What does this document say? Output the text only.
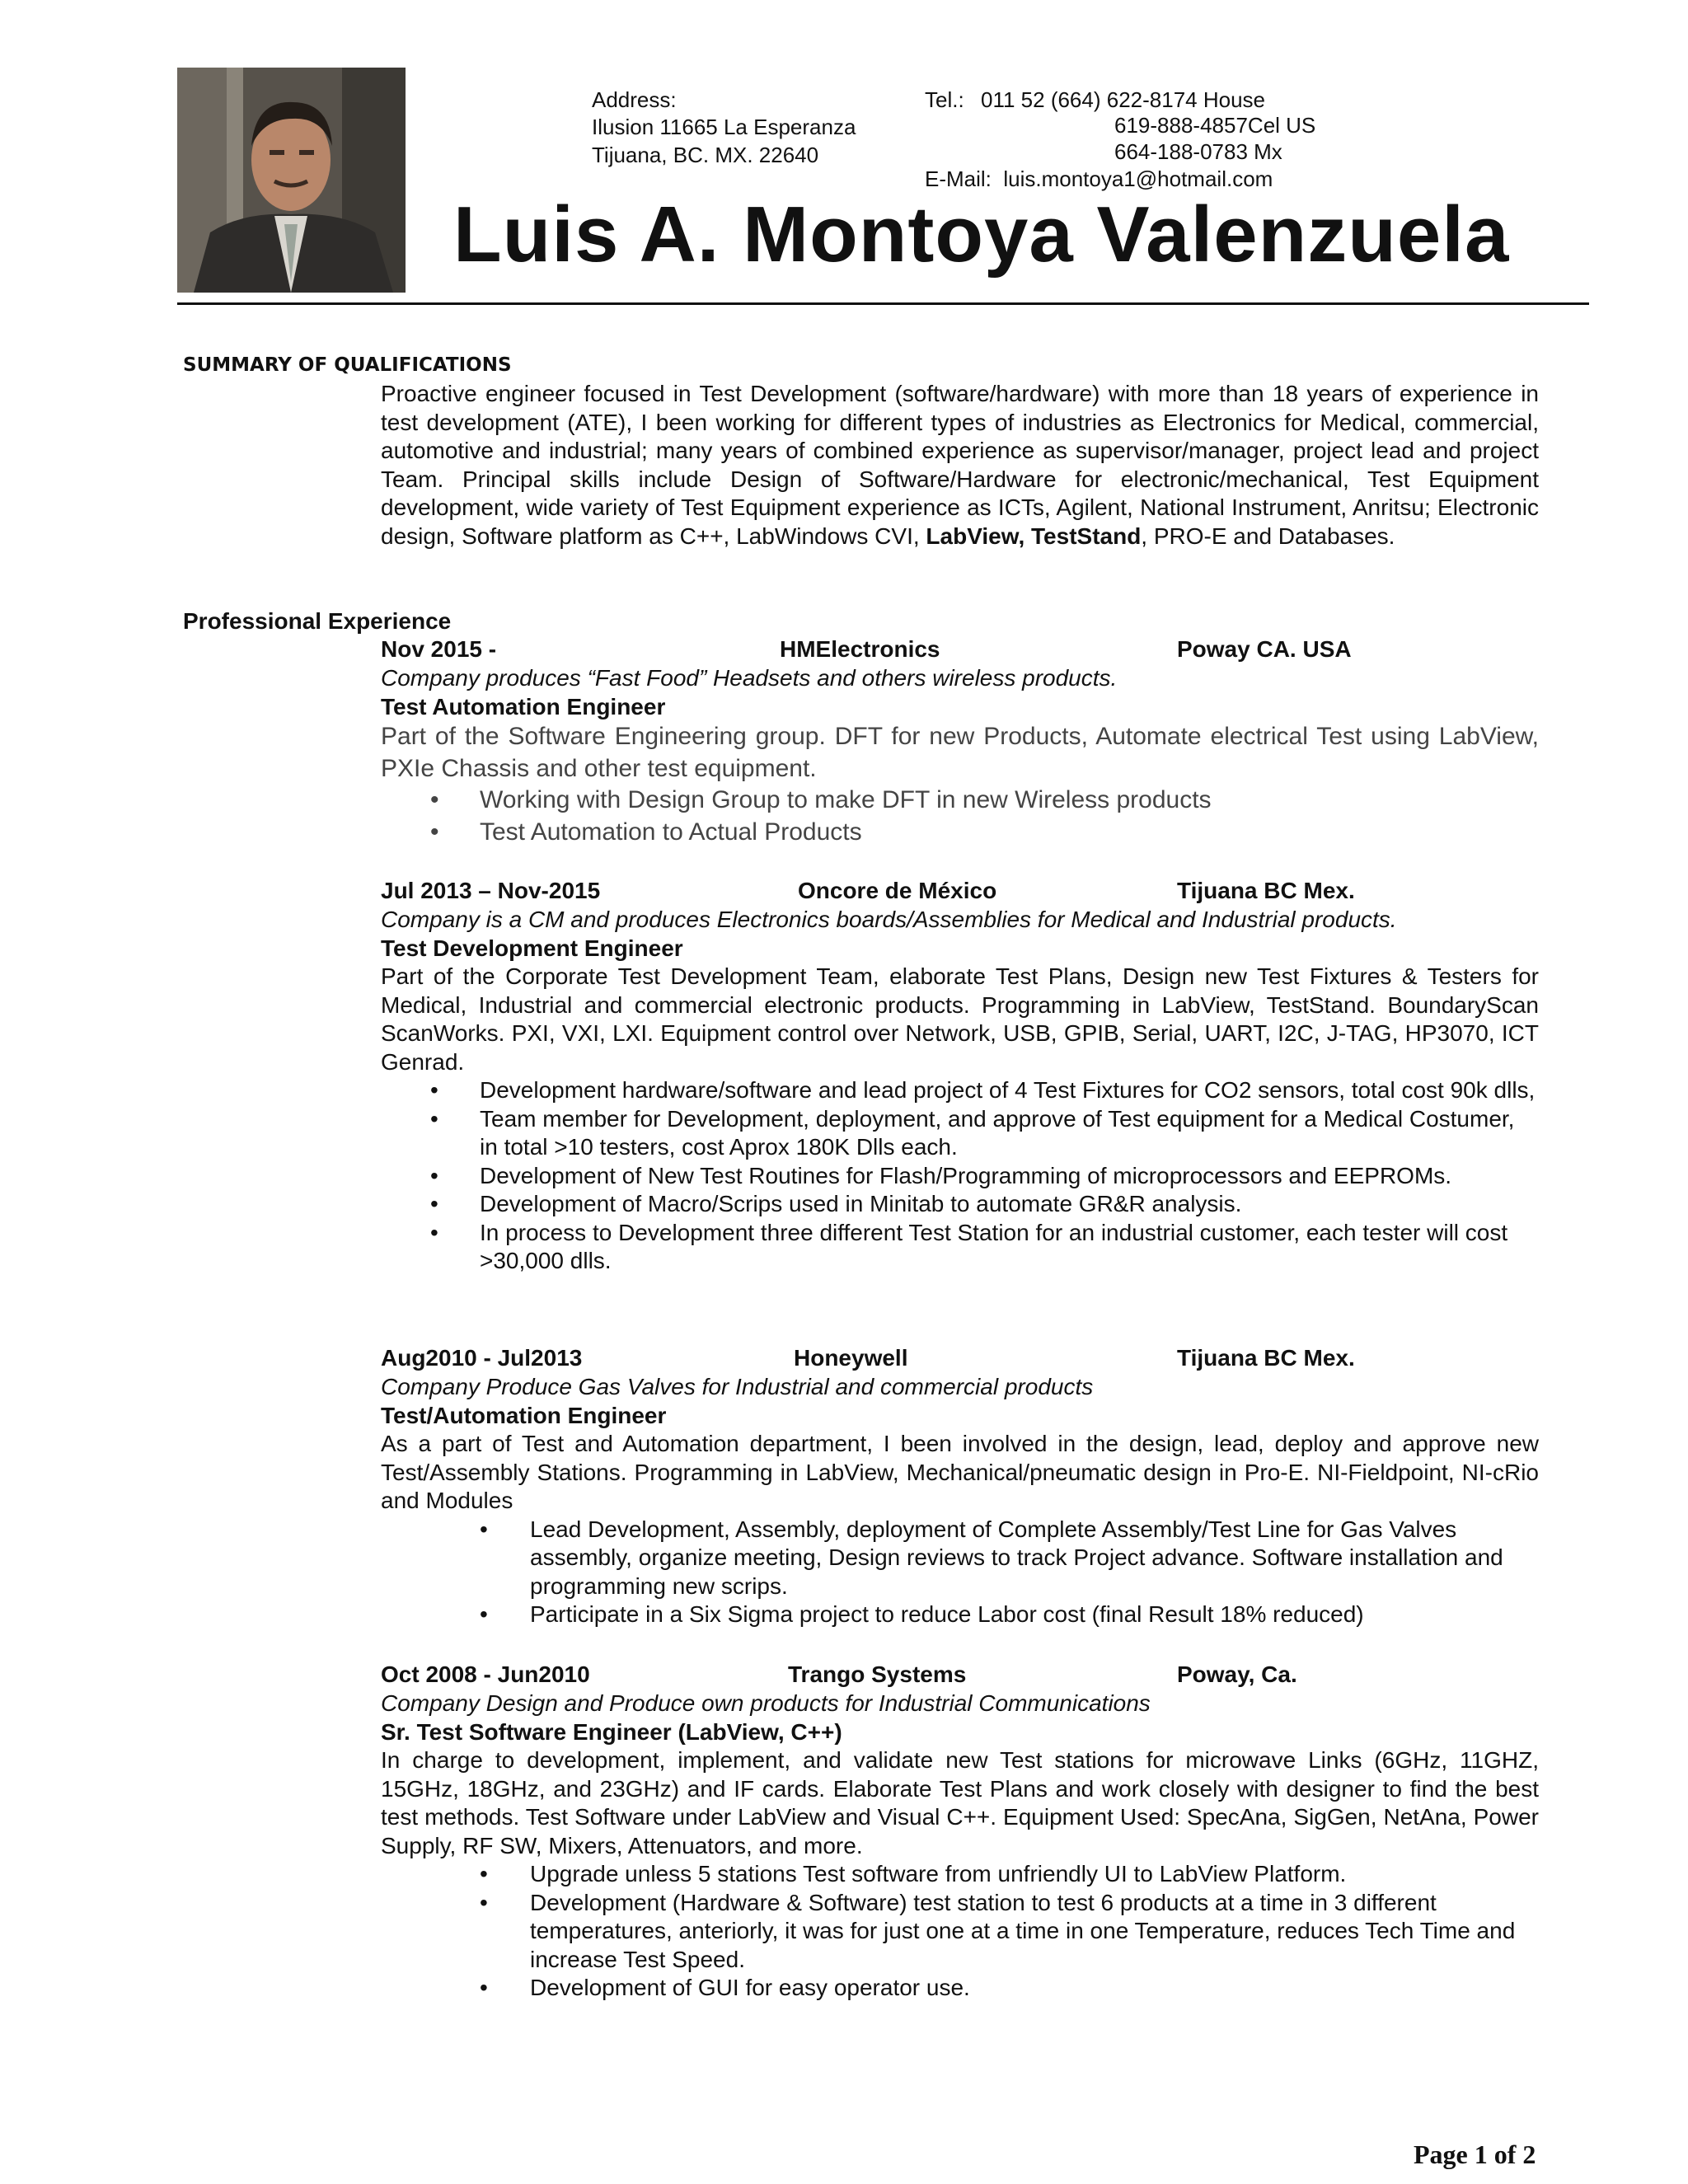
Address:
Ilusion 11665 La Esperanza
Tijuana, BC. MX. 22640
Tel.: 011 52 (664) 622-8174 House
619-888-4857Cel US
664-188-0783 Mx
E-Mail:  luis.montoya1@hotmail.com
Luis A. Montoya Valenzuela
SUMMARY OF QUALIFICATIONS

Proactive engineer focused in Test Development (software/hardware) with more than 18 years of experience in test development (ATE), I been working for different types of industries as Electronics for Medical, commercial, automotive and industrial; many years of combined experience as supervisor/manager, project lead and project Team. Principal skills include Design of Software/Hardware for electronic/mechanical, Test Equipment development, wide variety of Test Equipment experience as ICTs, Agilent, National Instrument, Anritsu; Electronic design, Software platform as C++, LabWindows CVI, LabView, TestStand, PRO-E and Databases.

Professional Experience
Nov 2015 -	HMElectronics	Poway CA. USA
Company produces “Fast Food” Headsets and others wireless products.
Test Automation Engineer

Part of the Software Engineering group. DFT for new Products, Automate electrical Test using LabView, PXIe Chassis and other test equipment.

• Working with Design Group to make DFT in new Wireless products
• Test Automation to Actual Products
Jul 2013 – Nov-2015	Oncore de México	Tijuana BC Mex.
Company is a CM and produces Electronics boards/Assemblies for Medical and Industrial products.
Test Development Engineer

Part of the Corporate Test Development Team, elaborate Test Plans, Design new Test Fixtures & Testers for Medical, Industrial and commercial electronic products. Programming in LabView, TestStand. BoundaryScan ScanWorks. PXI, VXI, LXI. Equipment control over Network, USB, GPIB, Serial, UART, I2C, J-TAG, HP3070, ICT Genrad.

• Development hardware/software and lead project of 4 Test Fixtures for CO2 sensors, total cost 90k dlls,
• Team member for Development, deployment, and approve of Test equipment for a Medical Costumer, in total >10 testers, cost Aprox 180K Dlls each.
• Development of New Test Routines for Flash/Programming of microprocessors and EEPROMs.
• Development of Macro/Scrips used in Minitab to automate GR&R analysis.
• In process to Development three different Test Station for an industrial customer, each tester will cost >30,000 dlls.
Aug2010 - Jul2013	Honeywell	Tijuana BC Mex.
Company Produce Gas Valves for Industrial and commercial products
Test/Automation Engineer

As a part of Test and Automation department, I been involved in the design, lead, deploy and approve new Test/Assembly Stations. Programming in LabView, Mechanical/pneumatic design in Pro-E. NI-Fieldpoint, NI-cRio and Modules

• Lead Development, Assembly, deployment of Complete Assembly/Test Line for Gas Valves assembly, organize meeting, Design reviews to track Project advance. Software installation and programming new scrips.
• Participate in a Six Sigma project to reduce Labor cost (final Result 18% reduced)
Oct 2008 - Jun2010	Trango Systems	Poway, Ca.
Company Design and Produce own products for Industrial Communications
Sr. Test Software Engineer (LabView, C++)

In charge to development, implement, and validate new Test stations for microwave Links (6GHz, 11GHZ, 15GHz, 18GHz, and 23GHz) and IF cards. Elaborate Test Plans and work closely with designer to find the best test methods. Test Software under LabView and Visual C++. Equipment Used: SpecAna, SigGen, NetAna, Power Supply, RF SW, Mixers, Attenuators, and more.

• Upgrade unless 5 stations Test software from unfriendly UI to LabView Platform.
• Development (Hardware & Software) test station to test 6 products at a time in 3 different temperatures, anteriorly, it was for just one at a time in one Temperature, reduces Tech Time and increase Test Speed.
• Development of GUI for easy operator use.
Page 1 of 2
